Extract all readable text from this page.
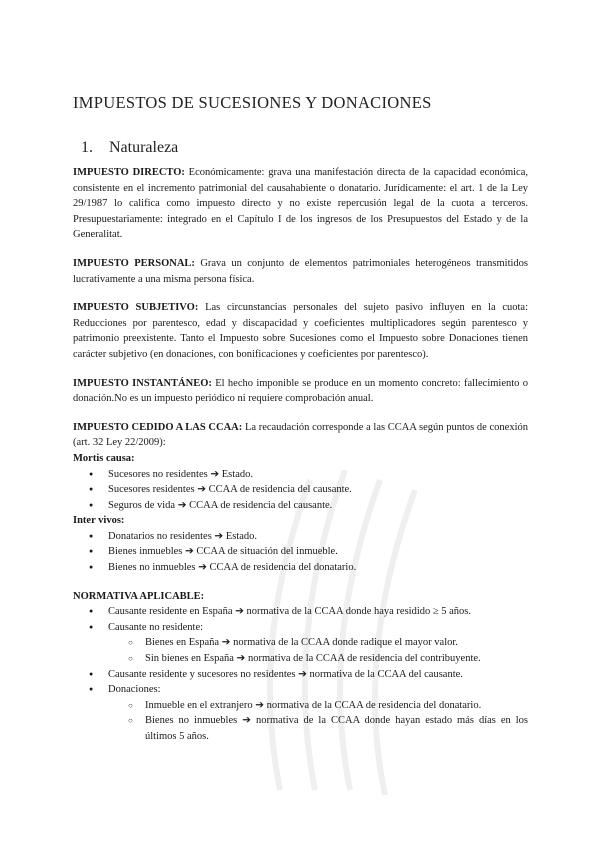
IMPUESTOS DE SUCESIONES Y DONACIONES
1. Naturaleza

IMPUESTO DIRECTO: Económicamente: grava una manifestación directa de la capacidad económica, consistente en el incremento patrimonial del causahabiente o donatario. Jurídicamente: el art. 1 de la Ley 29/1987 lo califica como impuesto directo y no existe repercusión legal de la cuota a terceros. Presupuestariamente: integrado en el Capítulo I de los ingresos de los Presupuestos del Estado y de la Generalitat.

IMPUESTO PERSONAL: Grava un conjunto de elementos patrimoniales heterogéneos transmitidos lucrativamente a una misma persona física.

IMPUESTO SUBJETIVO: Las circunstancias personales del sujeto pasivo influyen en la cuota: Reducciones por parentesco, edad y discapacidad y coeficientes multiplicadores según parentesco y patrimonio preexistente. Tanto el Impuesto sobre Sucesiones como el Impuesto sobre Donaciones tienen carácter subjetivo (en donaciones, con bonificaciones y coeficientes por parentesco).

IMPUESTO INSTANTÁNEO: El hecho imponible se produce en un momento concreto: fallecimiento o donación.No es un impuesto periódico ni requiere comprobación anual.

IMPUESTO CEDIDO A LAS CCAA: La recaudación corresponde a las CCAA según puntos de conexión (art. 32 Ley 22/2009):

Mortis causa:
● Sucesores no residentes ➔ Estado.
● Sucesores residentes ➔ CCAA de residencia del causante.
● Seguros de vida ➔ CCAA de residencia del causante.
Inter vivos:
● Donatarios no residentes ➔ Estado.
● Bienes inmuebles ➔ CCAA de situación del inmueble.
● Bienes no inmuebles ➔ CCAA de residencia del donatario.
NORMATIVA APLICABLE:
● Causante residente en España ➔ normativa de la CCAA donde haya residido ≥ 5 años.
● Causante no residente:
○ Bienes en España ➔ normativa de la CCAA donde radique el mayor valor.
○ Sin bienes en España ➔ normativa de la CCAA de residencia del contribuyente.
● Causante residente y sucesores no residentes ➔ normativa de la CCAA del causante.
● Donaciones:
○ Inmueble en el extranjero ➔ normativa de la CCAA de residencia del donatario.
○ Bienes no inmuebles ➔ normativa de la CCAA donde hayan estado más días en los últimos 5 años.
